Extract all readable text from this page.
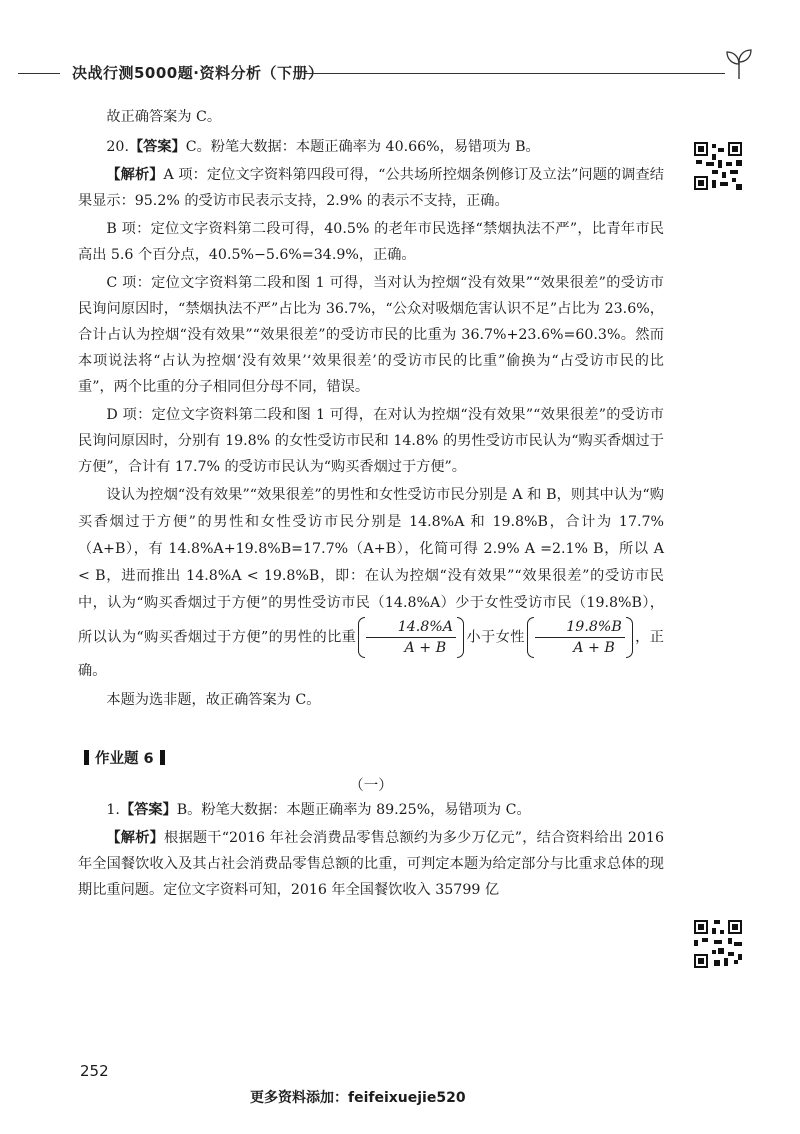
决战行测5000题·资料分析（下册）

故正确答案为 C。

20.【答案】C。粉笔大数据：本题正确率为 40.66%，易错项为 B。

【解析】A 项：定位文字资料第四段可得，“公共场所控烟条例修订及立法”问题的调查结果显示：95.2% 的受访市民表示支持，2.9% 的表示不支持，正确。

B 项：定位文字资料第二段可得，40.5% 的老年市民选择“禁烟执法不严”，比青年市民高出 5.6 个百分点，40.5%−5.6%=34.9%，正确。

C 项：定位文字资料第二段和图 1 可得，当对认为控烟“没有效果”“效果很差”的受访市民询问原因时，“禁烟执法不严”占比为 36.7%，“公众对吸烟危害认识不足”占比为 23.6%，合计占认为控烟“没有效果”“效果很差”的受访市民的比重为 36.7%+23.6%=60.3%。然而本项说法将“占认为控烟‘没有效果’‘效果很差’的受访市民的比重”偷换为“占受访市民的比重”，两个比重的分子相同但分母不同，错误。

D 项：定位文字资料第二段和图 1 可得，在对认为控烟“没有效果”“效果很差”的受访市民询问原因时，分别有 19.8% 的女性受访市民和 14.8% 的男性受访市民认为“购买香烟过于方便”，合计有 17.7% 的受访市民认为“购买香烟过于方便”。

设认为控烟“没有效果”“效果很差”的男性和女性受访市民分别是 A 和 B，则其中认为“购买香烟过于方便”的男性和女性受访市民分别是 14.8%A 和 19.8%B，合计为 17.7%（A+B），有 14.8%A+19.8%B=17.7%（A+B），化简可得 2.9% A =2.1% B，所以 A < B，进而推出 14.8%A < 19.8%B，即：在认为控烟“没有效果”“效果很差”的受访市民中，认为“购买香烟过于方便”的男性受访市民（14.8%A）少于女性受访市民（19.8%B），所以认为“购买香烟过于方便”的男性的比重 $\frac{14.8\%A}{A + B}$ 小于女性 $\frac{19.8\%B}{A + B}$ ，正确。

本题为选非题，故正确答案为 C。

作业题 6
（一）

1.【答案】B。粉笔大数据：本题正确率为 89.25%，易错项为 C。

【解析】根据题干“2016 年社会消费品零售总额约为多少万亿元”，结合资料给出 2016 年全国餐饮收入及其占社会消费品零售总额的比重，可判定本题为给定部分与比重求总体的现期比重问题。定位文字资料可知，2016 年全国餐饮收入 35799 亿

252
更多资料添加：feifeixuejie520
